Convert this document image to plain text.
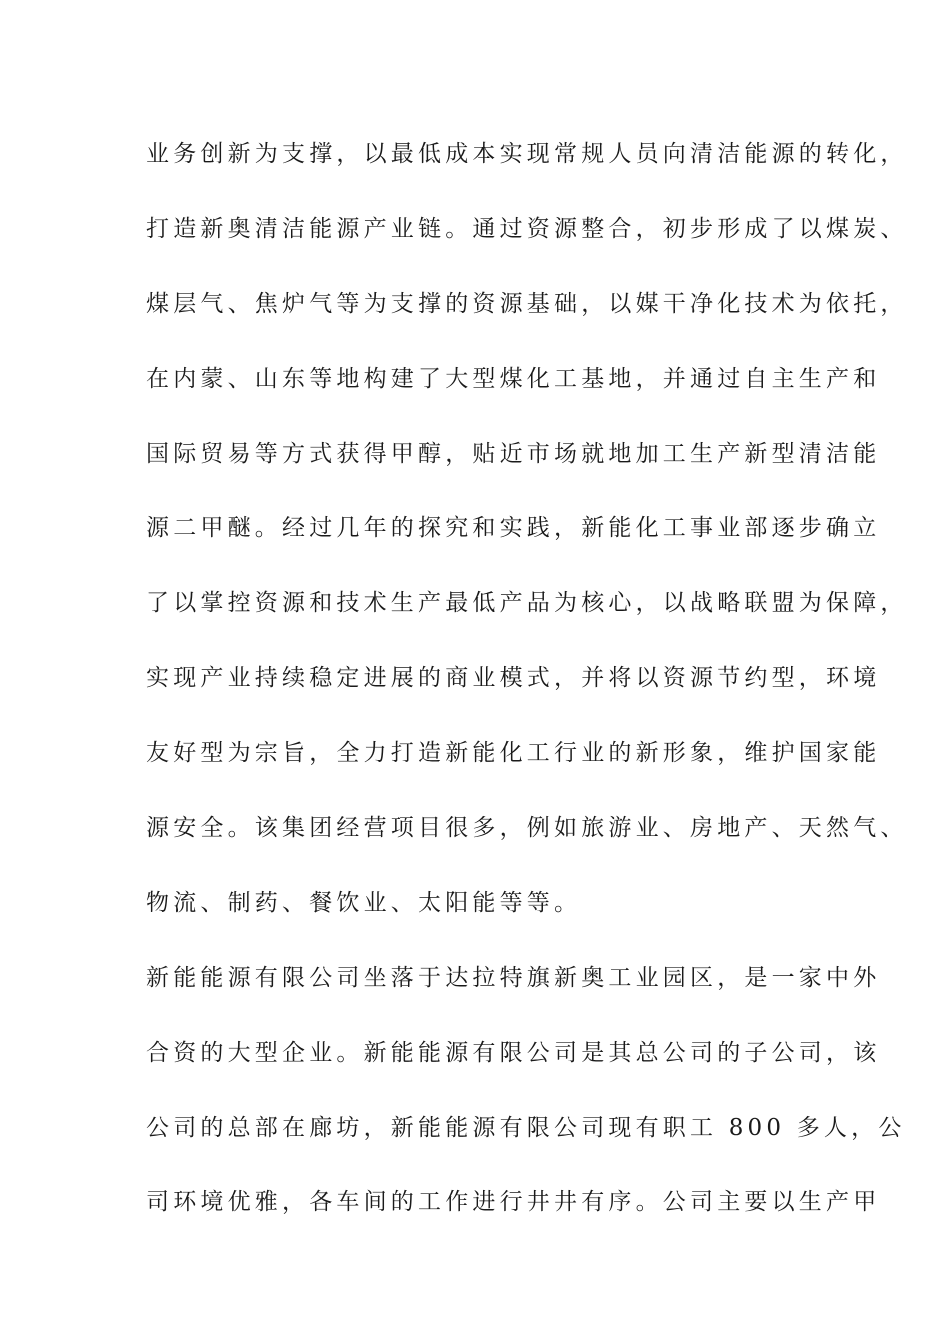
业务创新为支撑，以最低成本实现常规人员向清洁能源的转化，
打造新奥清洁能源产业链。通过资源整合，初步形成了以煤炭、
煤层气、焦炉气等为支撑的资源基础，以媒干净化技术为依托，
在内蒙、山东等地构建了大型煤化工基地，并通过自主生产和
国际贸易等方式获得甲醇，贴近市场就地加工生产新型清洁能
源二甲醚。经过几年的探究和实践，新能化工事业部逐步确立
了以掌控资源和技术生产最低产品为核心，以战略联盟为保障，
实现产业持续稳定进展的商业模式，并将以资源节约型，环境
友好型为宗旨，全力打造新能化工行业的新形象，维护国家能
源安全。该集团经营项目很多，例如旅游业、房地产、天然气、
物流、制药、餐饮业、太阳能等等。
新能能源有限公司坐落于达拉特旗新奥工业园区，是一家中外
合资的大型企业。新能能源有限公司是其总公司的子公司，该
公司的总部在廊坊，新能能源有限公司现有职工 800 多人，公
司环境优雅，各车间的工作进行井井有序。公司主要以生产甲
